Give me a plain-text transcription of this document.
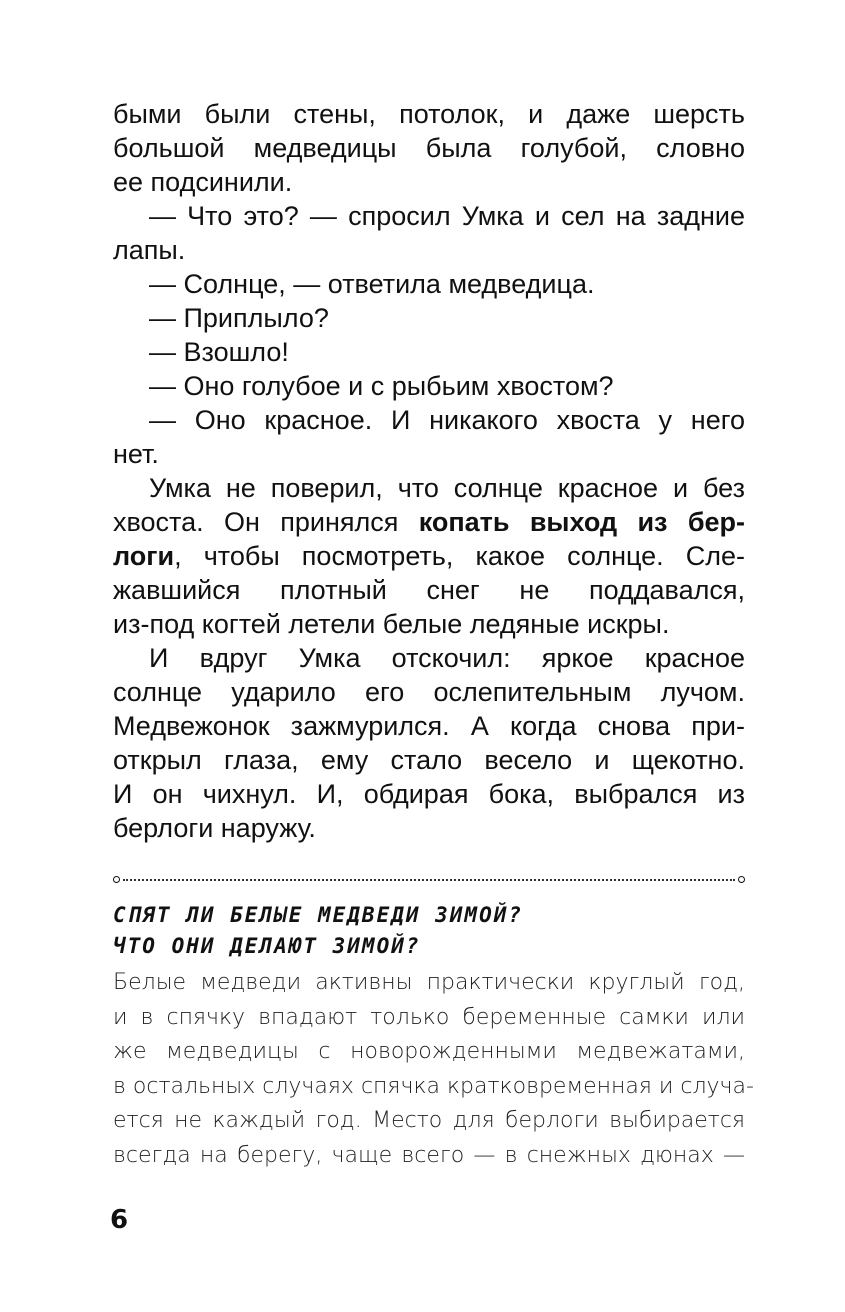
быми были стены, потолок, и даже шерсть
большой медведицы была голубой, словно
ее подсинили.
— Что это? — спросил Умка и сел на задние
лапы.
— Солнце, — ответила медведица.
— Приплыло?
— Взошло!
— Оно голубое и с рыбьим хвостом?
— Оно красное. И никакого хвоста у него
нет.
Умка не поверил, что солнце красное и без
хвоста. Он принялся копать выход из бер-
логи, чтобы посмотреть, какое солнце. Сле-
жавшийся плотный снег не поддавался,
из-под когтей летели белые ледяные искры.
И вдруг Умка отскочил: яркое красное
солнце ударило его ослепительным лучом.
Медвежонок зажмурился. А когда снова при-
открыл глаза, ему стало весело и щекотно.
И он чихнул. И, обдирая бока, выбрался из
берлоги наружу.
СПЯТ ЛИ БЕЛЫЕ МЕДВЕДИ ЗИМОЙ?
ЧТО ОНИ ДЕЛАЮТ ЗИМОЙ?
Белые медведи активны практически круглый год,
и в спячку впадают только беременные самки или
же медведицы с новорожденными медвежатами,
в остальных случаях спячка кратковременная и случа-
ется не каждый год. Место для берлоги выбирается
всегда на берегу, чаще всего — в снежных дюнах —
6
